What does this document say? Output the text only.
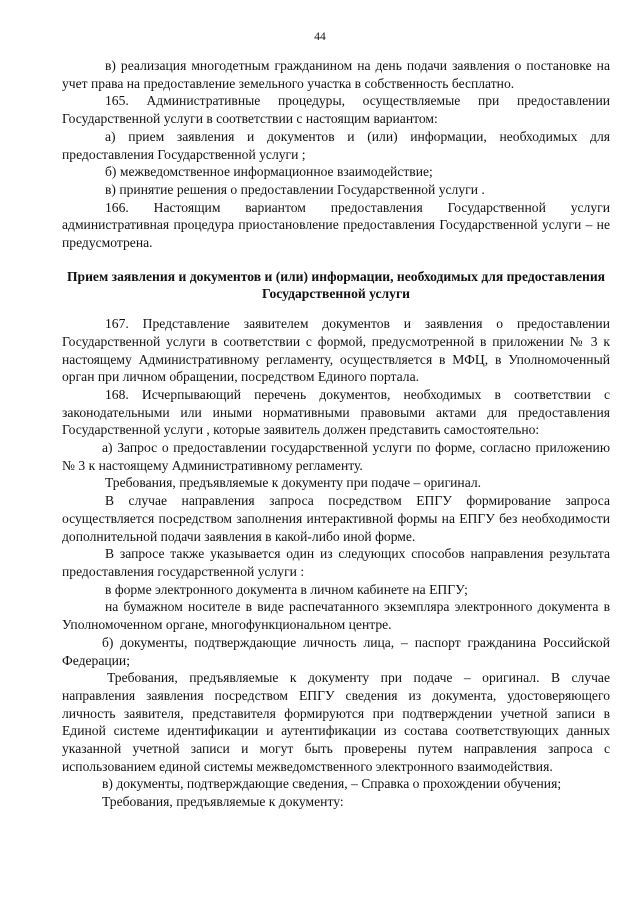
44

в) реализация многодетным гражданином на день подачи заявления о постановке на учет права на предоставление земельного участка в собственность бесплатно.

165. Административные процедуры, осуществляемые при предоставлении Государственной услуги в соответствии с настоящим вариантом:

а) прием заявления и документов и (или) информации, необходимых для предоставления Государственной услуги ;

б) межведомственное информационное взаимодействие;

в) принятие решения о предоставлении Государственной услуги .

166. Настоящим вариантом предоставления Государственной услуги административная процедура приостановление предоставления Государственной услуги – не предусмотрена.

Прием заявления и документов и (или) информации, необходимых для предоставления Государственной услуги

167. Представление заявителем документов и заявления о предоставлении Государственной услуги в соответствии с формой, предусмотренной в приложении № 3 к настоящему Административному регламенту, осуществляется в МФЦ, в Уполномоченный орган при личном обращении, посредством Единого портала.

168. Исчерпывающий перечень документов, необходимых в соответствии с законодательными или иными нормативными правовыми актами для предоставления Государственной услуги , которые заявитель должен представить самостоятельно:

а) Запрос о предоставлении государственной услуги по форме, согласно приложению № 3 к настоящему Административному регламенту.

Требования, предъявляемые к документу при подаче – оригинал.

В случае направления запроса посредством ЕПГУ формирование запроса осуществляется посредством заполнения интерактивной формы на ЕПГУ без необходимости дополнительной подачи заявления в какой-либо иной форме.

В запросе также указывается один из следующих способов направления результата предоставления государственной услуги :

в форме электронного документа в личном кабинете на ЕПГУ;

на бумажном носителе в виде распечатанного экземпляра электронного документа в Уполномоченном органе, многофункциональном центре.

б) документы, подтверждающие личность лица, – паспорт гражданина Российской Федерации;

Требования, предъявляемые к документу при подаче – оригинал. В случае направления заявления посредством ЕПГУ сведения из документа, удостоверяющего личность заявителя, представителя формируются при подтверждении учетной записи в Единой системе идентификации и аутентификации из состава соответствующих данных указанной учетной записи и могут быть проверены путем направления запроса с использованием единой системы межведомственного электронного взаимодействия.

в) документы, подтверждающие сведения, – Справка о прохождении обучения;

Требования, предъявляемые к документу:
